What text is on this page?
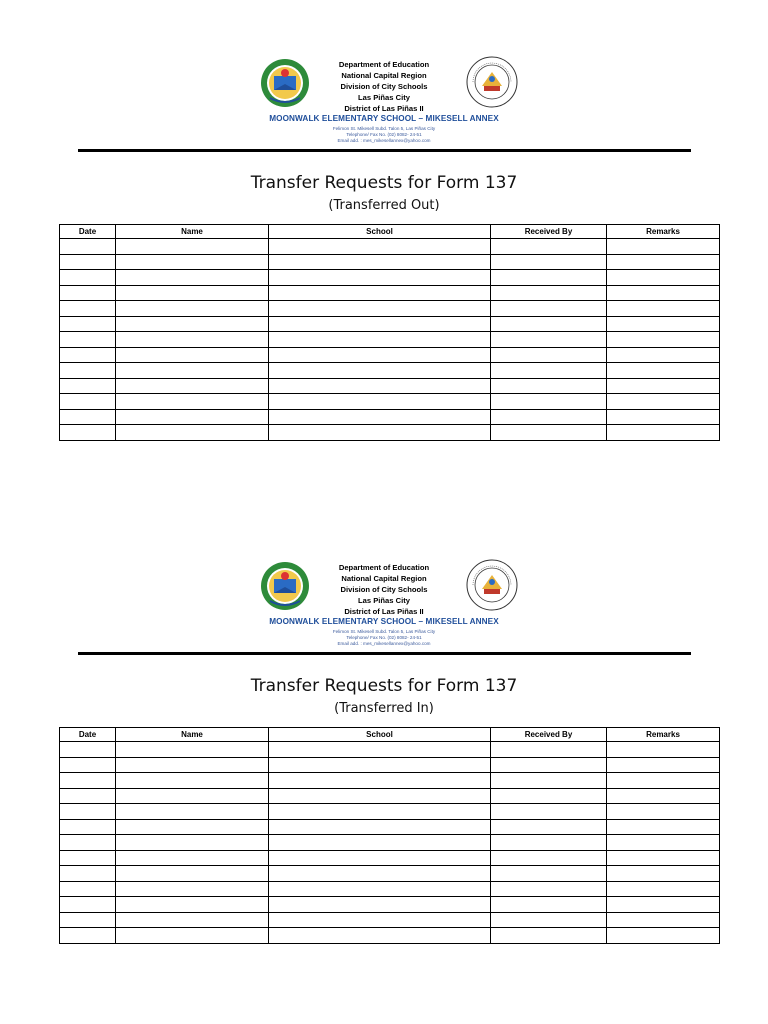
Department of Education
National Capital Region
Division of City Schools
Las Piñas City
District of Las Piñas II
MOONWALK ELEMENTARY SCHOOL – MIKESELL ANNEX
Felimon St. Mikesell Subd. Talon 5, Las Piñas City
Telephone/ Fax No. (02) 8082- 24-51
Email add. : mes_mikesellannex@yahoo.com
Transfer Requests for Form 137
(Transferred Out)
Date	Name	School	Received By	Remarks

Department of Education
National Capital Region
Division of City Schools
Las Piñas City
District of Las Piñas II
MOONWALK ELEMENTARY SCHOOL – MIKESELL ANNEX
Felimon St. Mikesell Subd. Talon 5, Las Piñas City
Telephone/ Fax No. (02) 8082- 24-51
Email add. : mes_mikesellannex@yahoo.com
Transfer Requests for Form 137
(Transferred In)
Date	Name	School	Received By	Remarks
